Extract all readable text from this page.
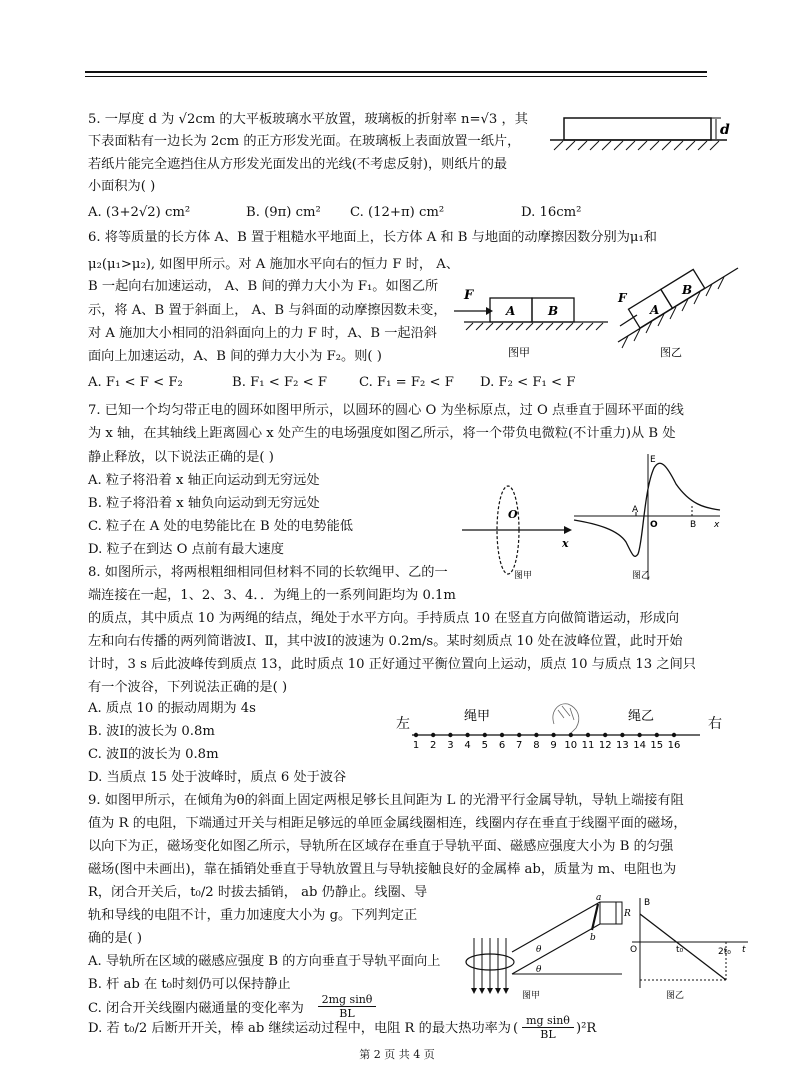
5. 一厚度 d 为 √2cm 的大平板玻璃水平放置，玻璃板的折射率 n=√3 ，其
下表面粘有一边长为 2cm 的正方形发光面。在玻璃板上表面放置一纸片，
若纸片能完全遮挡住从方形发光面发出的光线(不考虑反射)，则纸片的最
小面积为( )
A. (3+2√2) cm²	B. (9π) cm² C. (12+π) cm²	D. 16cm²
d
6. 将等质量的长方体 A、B 置于粗糙水平地面上，长方体 A 和 B 与地面的动摩擦因数分别为μ₁和
μ₂(μ₁>μ₂), 如图甲所示。对 A 施加水平向右的恒力 F 时， A、
B 一起向右加速运动， A、B 间的弹力大小为 F₁。如图乙所
示，将 A、B 置于斜面上， A、B 与斜面的动摩擦因数未变，
对 A 施加大小相同的沿斜面向上的力 F 时，A、B 一起沿斜
面向上加速运动，A、B 间的弹力大小为 F₂。则( )
A. F₁ < F < F₂	B. F₁ < F₂ < F C. F₁ = F₂ < F D. F₂ < F₁ < F
F
A	B
图甲
A
B
F
图乙
7. 已知一个均匀带正电的圆环如图甲所示，以圆环的圆心 O 为坐标原点，过 O 点垂直于圆环平面的线
为 x 轴，在其轴线上距离圆心 x 处产生的电场强度如图乙所示，将一个带负电微粒(不计重力)从 B 处
静止释放，以下说法正确的是( )
A. 粒子将沿着 x 轴正向运动到无穷远处
B. 粒子将沿着 x 轴负向运动到无穷远处
C. 粒子在 A 处的电势能比在 B 处的电势能低
D. 粒子在到达 O 点前有最大速度
O
x
图甲
E
A
O	B x
图乙
8. 如图所示，将两根粗细相同但材料不同的长软绳甲、乙的一
端连接在一起，1、2、3、4．．为绳上的一系列间距均为 0.1m
的质点，其中质点 10 为两绳的结点，绳处于水平方向。手持质点 10 在竖直方向做简谐运动，形成向
左和向右传播的两列简谐波Ⅰ、Ⅱ，其中波Ⅰ的波速为 0.2m/s。某时刻质点 10 处在波峰位置，此时开始
计时，3 s 后此波峰传到质点 13，此时质点 10 正好通过平衡位置向上运动，质点 10 与质点 13 之间只
有一个波谷，下列说法正确的是( )
A. 质点 10 的振动周期为 4s
B. 波Ⅰ的波长为 0.8m
C. 波Ⅱ的波长为 0.8m
D. 当质点 15 处于波峰时，质点 6 处于波谷
左	右
绳甲	绳乙
1 2 3 4 5 6 7 8 9 10 11 12 13 14 15 16
9. 如图甲所示，在倾角为θ的斜面上固定两根足够长且间距为 L 的光滑平行金属导轨，导轨上端接有阻
值为 R 的电阻，下端通过开关与相距足够远的单匝金属线圈相连，线圈内存在垂直于线圈平面的磁场，
以向下为正，磁场变化如图乙所示，导轨所在区域存在垂直于导轨平面、磁感应强度大小为 B 的匀强
磁场(图中未画出)，靠在插销处垂直于导轨放置且与导轨接触良好的金属棒 ab，质量为 m、电阻也为
R，闭合开关后，t₀/2 时拔去插销， ab 仍静止。线圈、导
轨和导线的电阻不计，重力加速度大小为 g。下列判定正
确的是( )
A. 导轨所在区域的磁感应强度 B 的方向垂直于导轨平面向上
B. 杆 ab 在 t₀时刻仍可以保持静止
C. 闭合开关线圈内磁通量的变化率为 $\frac{\text{2mg sinθ}}{BL}$
D. 若 t₀/2 后断开开关，棒 ab 继续运动过程中，电阻 R 的最大热功率为 ( $\frac{\text{mg sinθ}}{BL} )^2R$
a
b
R
θ
θ
图甲
B
O	t₀	2t₀ t
图乙
第 2 页 共 4 页
